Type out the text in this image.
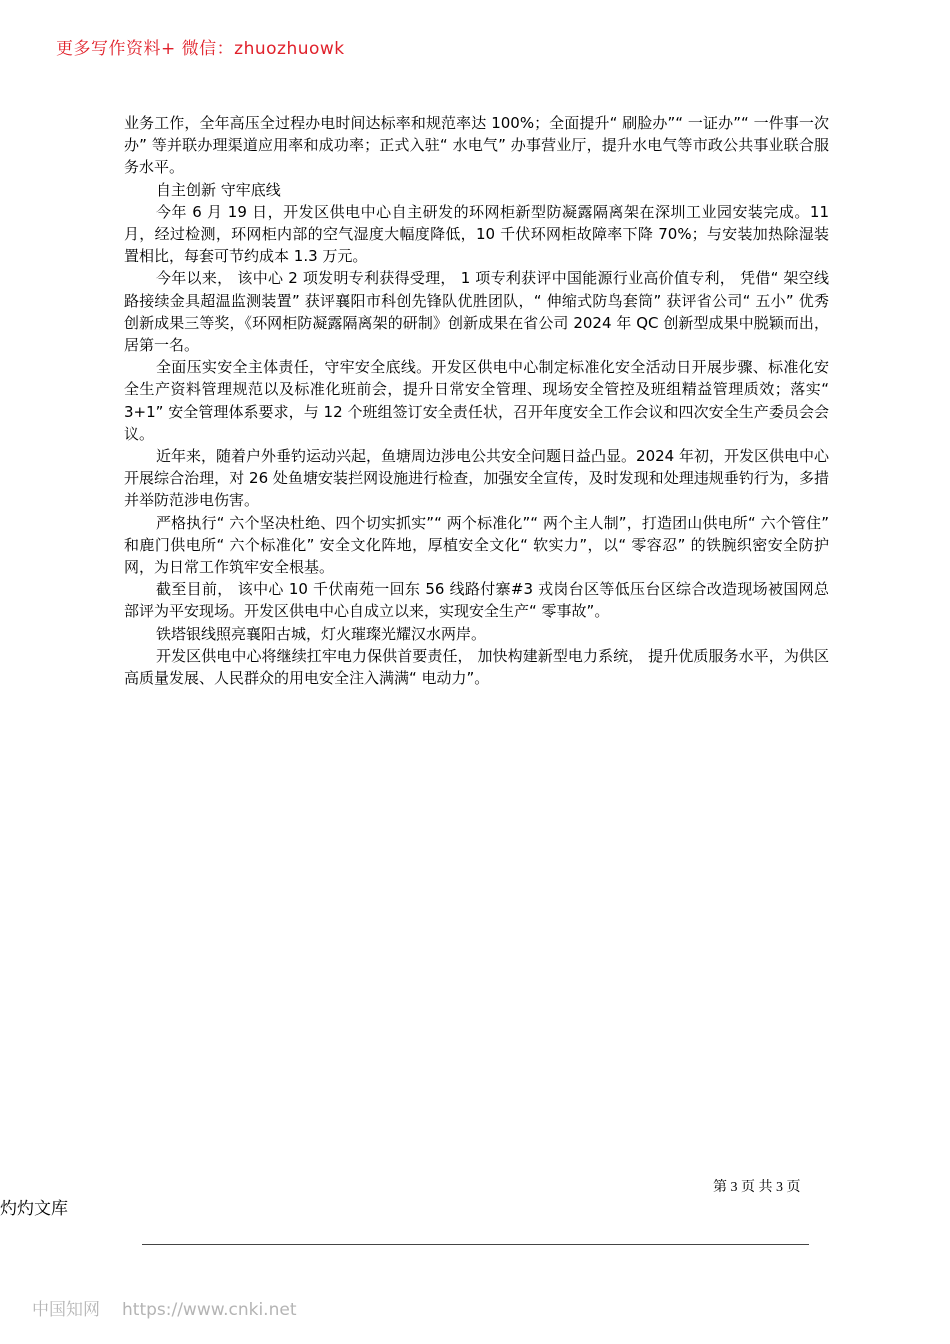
更多写作资料+ 微信：zhuozhuowk

业务工作，全年高压全过程办电时间达标率和规范率达 100%；全面提升“ 刷脸办”“ 一证办”“ 一件事一次办” 等并联办理渠道应用率和成功率；正式入驻“ 水电气” 办事营业厅，提升水电气等市政公共事业联合服务水平。

自主创新 守牢底线

今年 6 月 19 日，开发区供电中心自主研发的环网柜新型防凝露隔离架在深圳工业园安装完成。11 月，经过检测，环网柜内部的空气湿度大幅度降低，10 千伏环网柜故障率下降 70%；与安装加热除湿装置相比，每套可节约成本 1.3 万元。

今年以来， 该中心 2 项发明专利获得受理， 1 项专利获评中国能源行业高价值专利， 凭借“ 架空线路接续金具超温监测装置” 获评襄阳市科创先锋队优胜团队，“ 伸缩式防鸟套筒” 获评省公司“ 五小” 优秀创新成果三等奖，《环网柜防凝露隔离架的研制》创新成果在省公司 2024 年 QC 创新型成果中脱颖而出，居第一名。

全面压实安全主体责任，守牢安全底线。开发区供电中心制定标准化安全活动日开展步骤、标准化安全生产资料管理规范以及标准化班前会，提升日常安全管理、现场安全管控及班组精益管理质效；落实“ 3+1” 安全管理体系要求，与 12 个班组签订安全责任状，召开年度安全工作会议和四次安全生产委员会会议。

近年来，随着户外垂钓运动兴起，鱼塘周边涉电公共安全问题日益凸显。2024 年初，开发区供电中心开展综合治理，对 26 处鱼塘安装拦网设施进行检查，加强安全宣传，及时发现和处理违规垂钓行为，多措并举防范涉电伤害。

严格执行“ 六个坚决杜绝、四个切实抓实”“ 两个标准化”“ 两个主人制”，打造团山供电所“ 六个管住” 和鹿门供电所“ 六个标准化” 安全文化阵地，厚植安全文化“ 软实力”，以“ 零容忍” 的铁腕织密安全防护网，为日常工作筑牢安全根基。

截至目前， 该中心 10 千伏南苑一回东 56 线路付寨#3 戎岗台区等低压台区综合改造现场被国网总部评为平安现场。开发区供电中心自成立以来，实现安全生产“ 零事故”。

铁塔银线照亮襄阳古城，灯火璀璨光耀汉水两岸。

开发区供电中心将继续扛牢电力保供首要责任， 加快构建新型电力系统， 提升优质服务水平，为供区高质量发展、人民群众的用电安全注入满满“ 电动力”。

第 3 页 共 3 页
灼灼文库
中国知网 https://www.cnki.net
